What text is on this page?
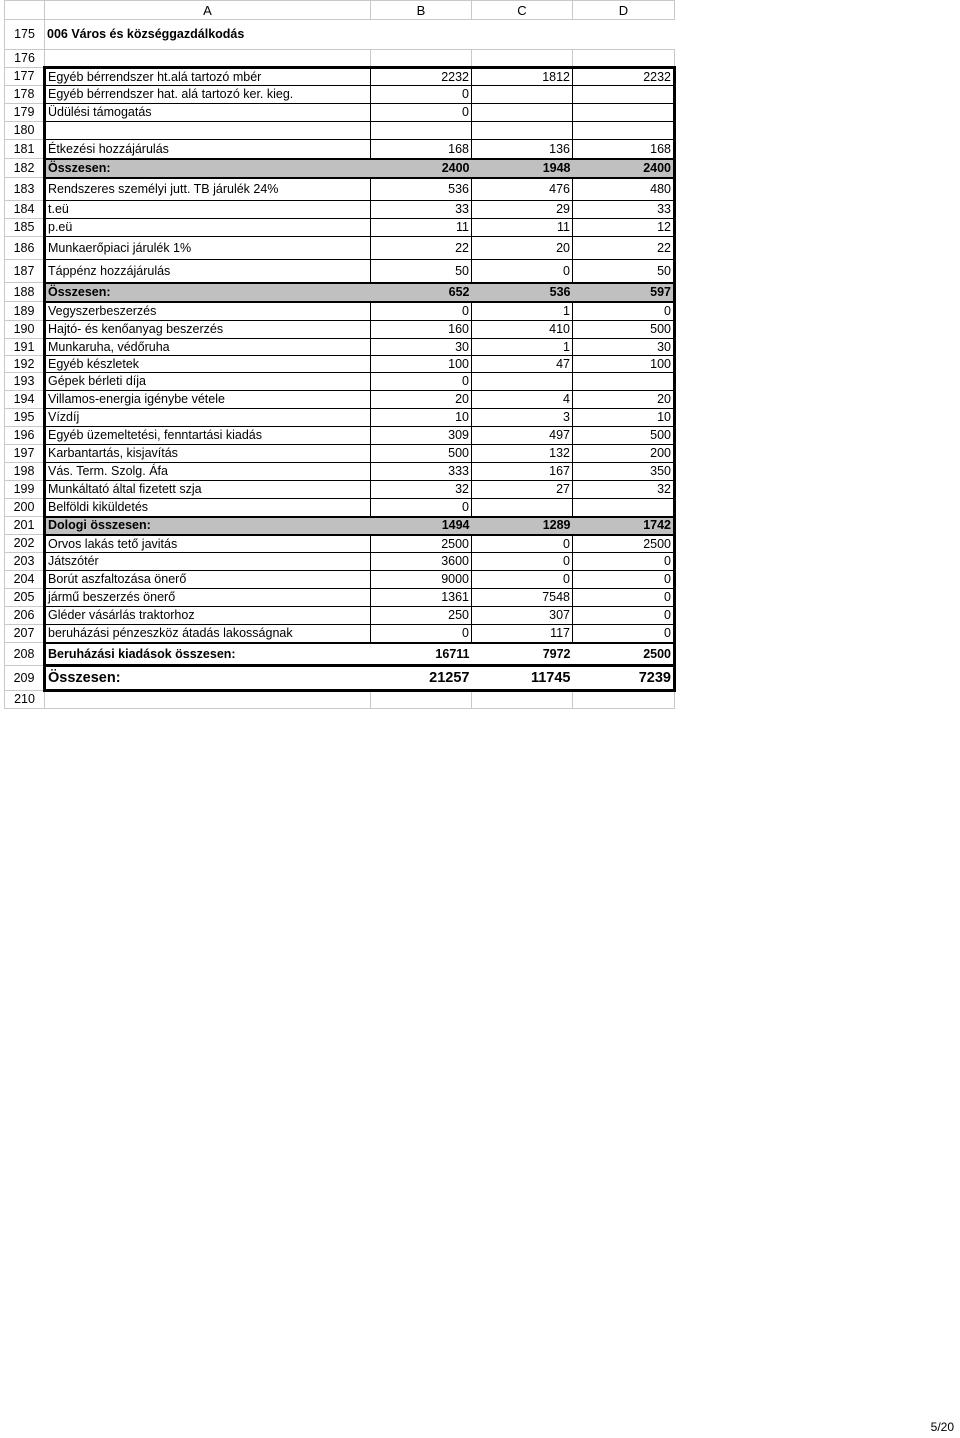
	A	B	C	D
175	006 Város és községgazdálkodás			
176				
177	Egyéb bérrendszer ht.alá tartozó mbér	2232	1812	2232
178	Egyéb bérrendszer hat. alá tartozó ker. kieg.	0		
179	Üdülési támogatás	0		
180				
181	Étkezési hozzájárulás	168	136	168
182	Összesen:	2400	1948	2400
183	Rendszeres személyi jutt. TB járulék 24%	536	476	480
184	t.eü	33	29	33
185	p.eü	11	11	12
186	Munkaerőpiaci járulék 1%	22	20	22
187	Táppénz hozzájárulás	50	0	50
188	Összesen:	652	536	597
189	Vegyszerbeszerzés	0	1	0
190	Hajtó- és kenőanyag beszerzés	160	410	500
191	Munkaruha, védőruha	30	1	30
192	Egyéb készletek	100	47	100
193	Gépek bérleti díja	0		
194	Villamos-energia igénybe vétele	20	4	20
195	Vízdíj	10	3	10
196	Egyéb üzemeltetési, fenntartási kiadás	309	497	500
197	Karbantartás, kisjavítás	500	132	200
198	Vás. Term. Szolg. Áfa	333	167	350
199	Munkáltató által fizetett szja	32	27	32
200	Belföldi kiküldetés	0		
201	Dologi összesen:	1494	1289	1742
202	Orvos lakás tető javitás	2500	0	2500
203	Játszótér	3600	0	0
204	Borút aszfaltozása önerő	9000	0	0
205	jármű beszerzés önerő	1361	7548	0
206	Gléder vásárlás traktorhoz	250	307	0
207	beruházási pénzeszköz átadás lakosságnak	0	117	0
208	Beruházási kiadások összesen:	16711	7972	2500
209	Összesen:	21257	11745	7239
210				
5/20
